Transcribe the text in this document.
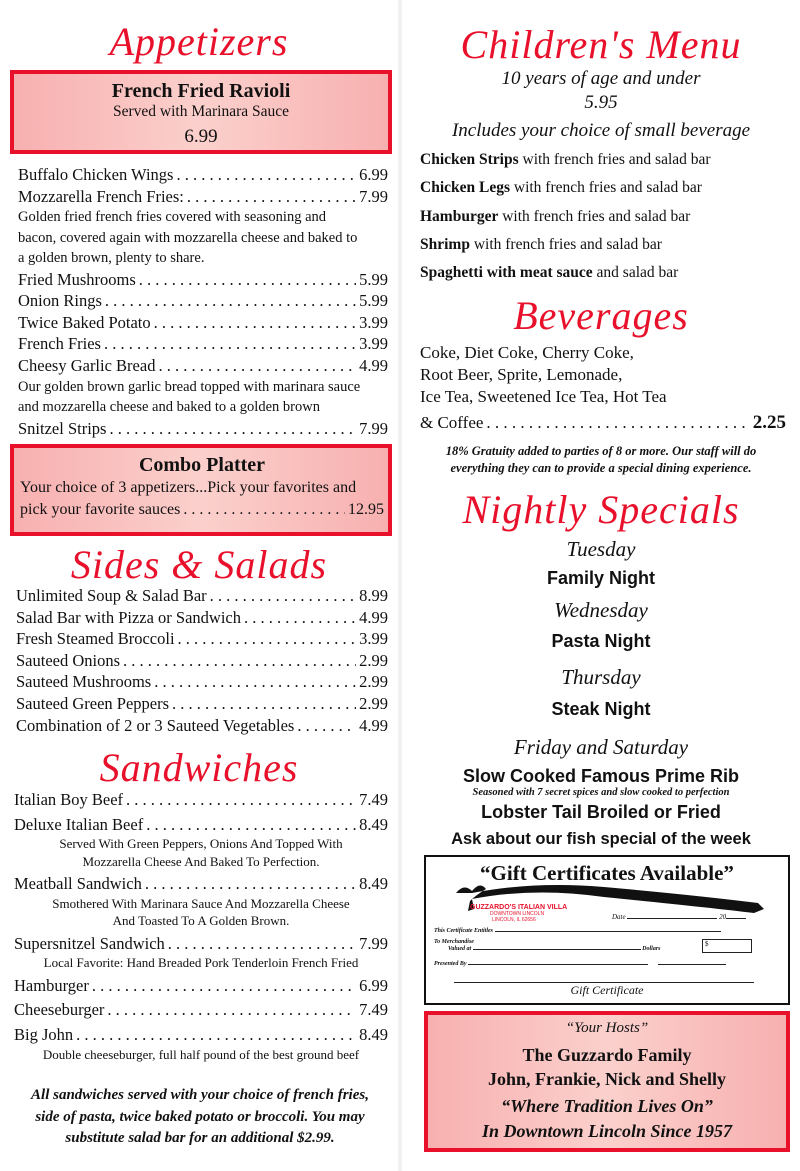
Appetizers
French Fried Ravioli
Served with Marinara Sauce
6.99
Buffalo Chicken Wings . . .	6.99
Mozzarella French Fries: . . .	7.99
Golden fried french fries covered with seasoning and
bacon, covered again with mozzarella cheese and baked to
a golden brown, plenty to share.
Fried Mushrooms . . .	5.99
Onion Rings . . .	5.99
Twice Baked Potato . . .	3.99
French Fries . . .	3.99
Cheesy Garlic Bread . . .	4.99
Our golden brown garlic bread topped with marinara sauce
and mozzarella cheese and baked to a golden brown
Snitzel Strips . . .	7.99
Combo Platter
Your choice of 3 appetizers...Pick your favorites and
pick your favorite sauces . . .	12.95
Sides & Salads
Unlimited Soup & Salad Bar . . .	8.99
Salad Bar with Pizza or Sandwich . . .	4.99
Fresh Steamed Broccoli . . .	3.99
Sauteed Onions . . .	2.99
Sauteed Mushrooms . . .	2.99
Sauteed Green Peppers . . .	2.99
Combination of 2 or 3 Sauteed Vegetables . . .	4.99
Sandwiches
Italian Boy Beef . . .	7.49
Deluxe Italian Beef . . .	8.49
Served With Green Peppers, Onions And Topped With
Mozzarella Cheese And Baked To Perfection.
Meatball Sandwich . . .	8.49
Smothered With Marinara Sauce And Mozzarella Cheese
And Toasted To A Golden Brown.
Supersnitzel Sandwich . . .	7.99
Local Favorite: Hand Breaded Pork Tenderloin French Fried
Hamburger . . .	6.99
Cheeseburger . . .	7.49
Big John . . .	8.49
Double cheeseburger, full half pound of the best ground beef
All sandwiches served with your choice of french fries,
side of pasta, twice baked potato or broccoli. You may
substitute salad bar for an additional $2.99.
Children's Menu
10 years of age and under
5.95
Includes your choice of small beverage
Chicken Strips with french fries and salad bar
Chicken Legs with french fries and salad bar
Hamburger with french fries and salad bar
Shrimp with french fries and salad bar
Spaghetti with meat sauce and salad bar
Beverages
Coke, Diet Coke, Cherry Coke,
Root Beer, Sprite, Lemonade,
Ice Tea, Sweetened Ice Tea, Hot Tea
& Coffee . . .	2.25
18% Gratuity added to parties of 8 or more. Our staff will do
everything they can to provide a special dining experience.
Nightly Specials
Tuesday
Family Night
Wednesday
Pasta Night
Thursday
Steak Night
Friday and Saturday
Slow Cooked Famous Prime Rib
Seasoned with 7 secret spices and slow cooked to perfection
Lobster Tail Broiled or Fried
Ask about our fish special of the week
“Gift Certificates Available”
GUZZARDO'S ITALIAN VILLA
DOWNTOWN LINCOLN
LINCOLN, IL 62656	Date	20
This Certificate Entitles
To Merchandise
Valued at	Dollars
$
Presented By
Gift Certificate
“Your Hosts”
The Guzzardo Family
John, Frankie, Nick and Shelly
“Where Tradition Lives On”
In Downtown Lincoln Since 1957
